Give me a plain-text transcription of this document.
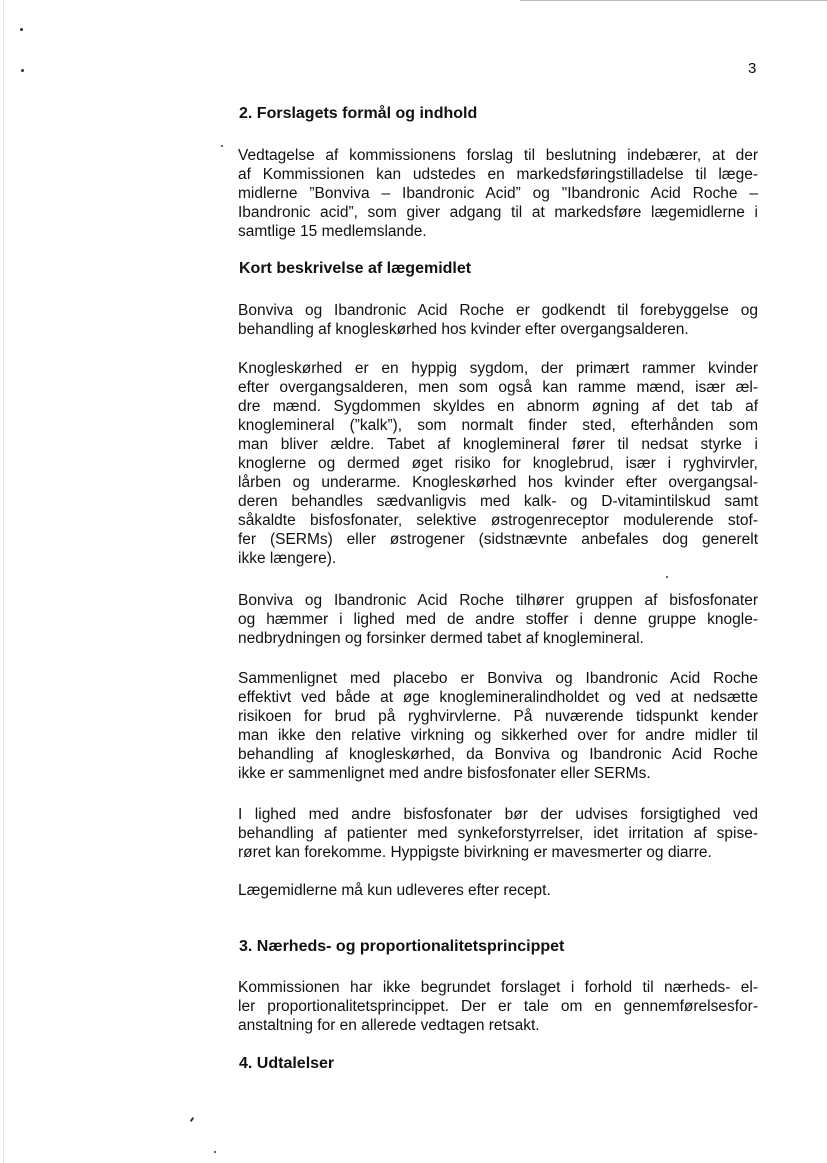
3
2. Forslagets formål og indhold
Vedtagelse af kommissionens forslag til beslutning indebærer, at der
af Kommissionen kan udstedes en markedsføringstilladelse til læge-
midlerne ”Bonviva – Ibandronic Acid” og "Ibandronic Acid Roche –
Ibandronic acid”, som giver adgang til at markedsføre lægemidlerne i
samtlige 15 medlemslande.
Kort beskrivelse af lægemidlet
Bonviva og Ibandronic Acid Roche er godkendt til forebyggelse og
behandling af knogleskørhed hos kvinder efter overgangsalderen.
Knogleskørhed er en hyppig sygdom, der primært rammer kvinder
efter overgangsalderen, men som også kan ramme mænd, især æl-
dre mænd. Sygdommen skyldes en abnorm øgning af det tab af
knoglemineral (”kalk”), som normalt finder sted, efterhånden som
man bliver ældre. Tabet af knoglemineral fører til nedsat styrke i
knoglerne og dermed øget risiko for knoglebrud, især i ryghvirvler,
lårben og underarme. Knogleskørhed hos kvinder efter overgangsal-
deren behandles sædvanligvis med kalk- og D-vitamintilskud samt
såkaldte bisfosfonater, selektive østrogenreceptor modulerende stof-
fer (SERMs) eller østrogener (sidstnævnte anbefales dog generelt
ikke længere).
Bonviva og Ibandronic Acid Roche tilhører gruppen af bisfosfonater
og hæmmer i lighed med de andre stoffer i denne gruppe knogle-
nedbrydningen og forsinker dermed tabet af knoglemineral.
Sammenlignet med placebo er Bonviva og Ibandronic Acid Roche
effektivt ved både at øge knoglemineralindholdet og ved at nedsætte
risikoen for brud på ryghvirvlerne. På nuværende tidspunkt kender
man ikke den relative virkning og sikkerhed over for andre midler til
behandling af knogleskørhed, da Bonviva og Ibandronic Acid Roche
ikke er sammenlignet med andre bisfosfonater eller SERMs.
I lighed med andre bisfosfonater bør der udvises forsigtighed ved
behandling af patienter med synkeforstyrrelser, idet irritation af spise-
røret kan forekomme. Hyppigste bivirkning er mavesmerter og diarre.
Lægemidlerne må kun udleveres efter recept.
3. Nærheds- og proportionalitetsprincippet
Kommissionen har ikke begrundet forslaget i forhold til nærheds- el-
ler proportionalitetsprincippet. Der er tale om en gennemførelsesfor-
anstaltning for en allerede vedtagen retsakt.
4. Udtalelser
